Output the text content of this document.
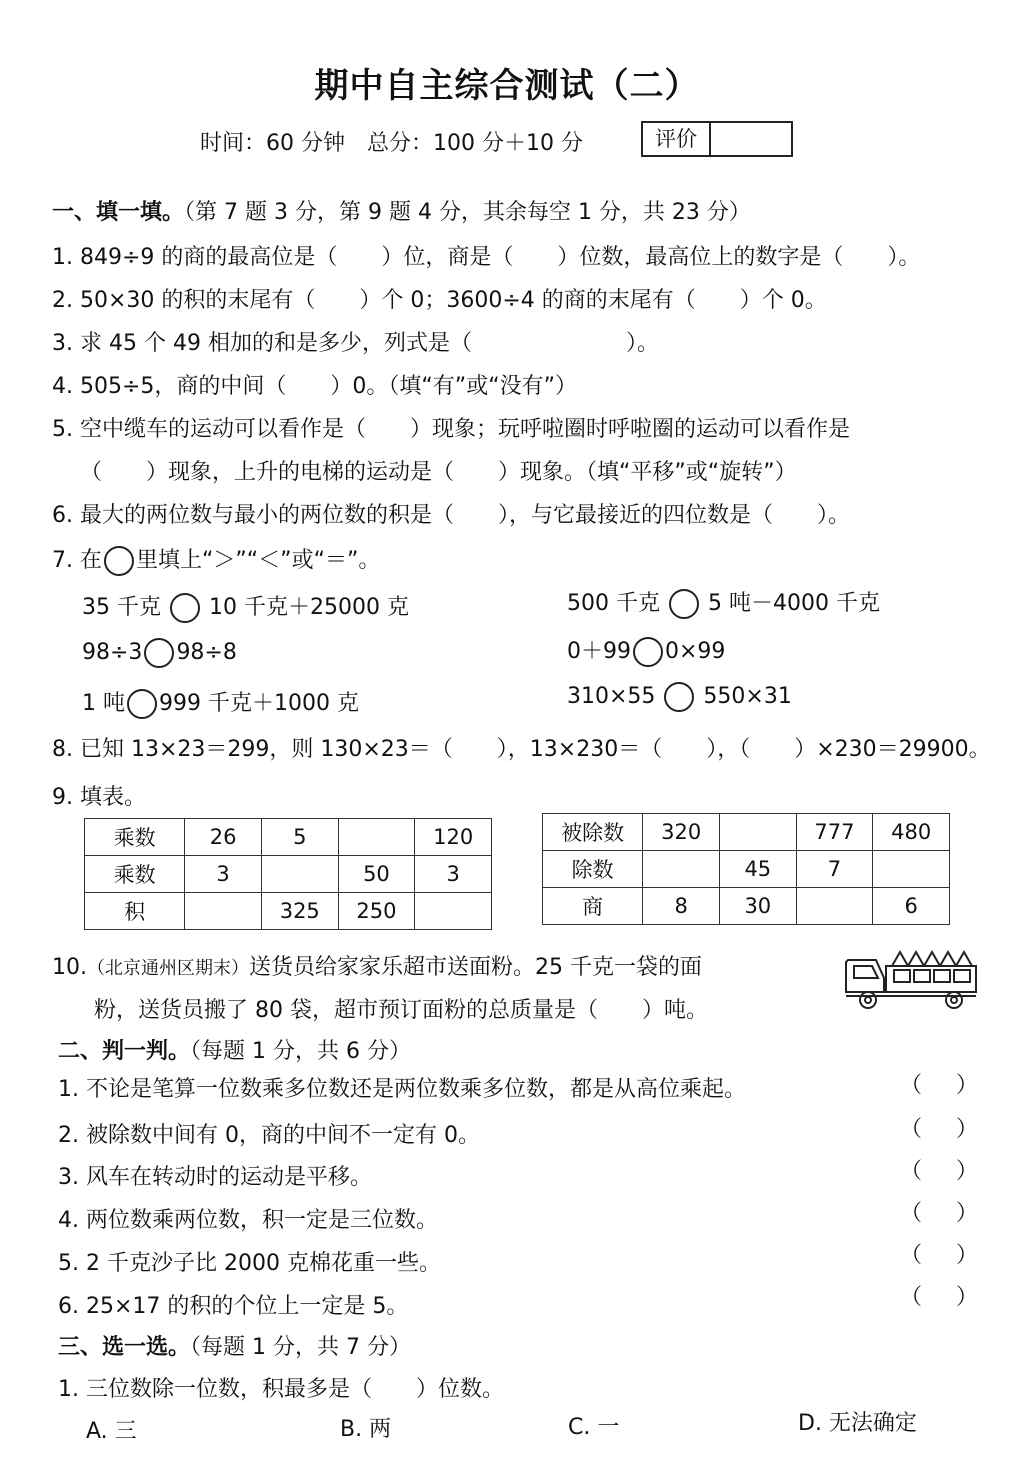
期中自主综合测试（二）
时间：60 分钟　总分：100 分＋10 分	评价
一、填一填。（第 7 题 3 分，第 9 题 4 分，其余每空 1 分，共 23 分）
1. 849÷9 的商的最高位是（　　）位，商是（　　）位数，最高位上的数字是（　　）。
2. 50×30 的积的末尾有（　　）个 0；3600÷4 的商的末尾有（　　）个 0。
3. 求 45 个 49 相加的和是多少，列式是（　　　　　　　）。
4. 505÷5，商的中间（　　）0。（填“有”或“没有”）
5. 空中缆车的运动可以看作是（　　）现象；玩呼啦圈时呼啦圈的运动可以看作是
（　　）现象，上升的电梯的运动是（　　）现象。（填“平移”或“旋转”）
6. 最大的两位数与最小的两位数的积是（　　），与它最接近的四位数是（　　）。
7. 在 里填上“＞”“＜”或“＝”。
35 千克 10 千克＋25000 克	500 千克 5 吨－4000 千克
98÷3 98÷8	0＋99 0×99
1 吨 999 千克＋1000 克	310×55 550×31
8. 已知 13×23＝299，则 130×23＝（　　），13×230＝（　　），（　　）×230＝29900。
9. 填表。
乘数	26	5		120
乘数	3		50	3
积		325	250	
被除数	320		777	480
除数		45	7	
商	8	30		6
10.（北京通州区期末）送货员给家家乐超市送面粉。25 千克一袋的面
粉，送货员搬了 80 袋，超市预订面粉的总质量是（　　）吨。
二、判一判。（每题 1 分，共 6 分）
1. 不论是笔算一位数乘多位数还是两位数乘多位数，都是从高位乘起。	（ ）
2. 被除数中间有 0，商的中间不一定有 0。	（ ）
3. 风车在转动时的运动是平移。	（ ）
4. 两位数乘两位数，积一定是三位数。	（ ）
5. 2 千克沙子比 2000 克棉花重一些。	（ ）
6. 25×17 的积的个位上一定是 5。	（ ）
三、选一选。（每题 1 分，共 7 分）
1. 三位数除一位数，积最多是（　　）位数。
A. 三	B. 两	C. 一	D. 无法确定
